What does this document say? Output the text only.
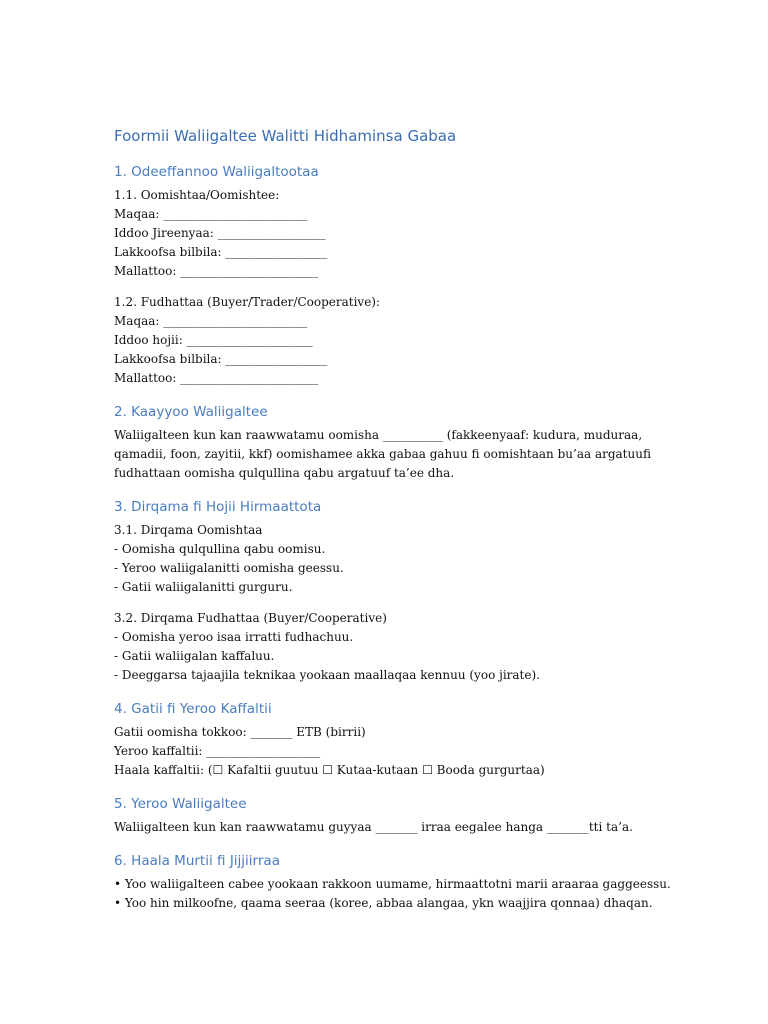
Foormii Waliigaltee Walitti Hidhaminsa Gabaa
1. Odeeffannoo Waliigaltootaa
1.1. Oomishtaa/Oomishtee:
Maqaa: ________________________
Iddoo Jireenyaa: __________________
Lakkoofsa bilbila: _________________
Mallattoo: _______________________
1.2. Fudhattaa (Buyer/Trader/Cooperative):
Maqaa: ________________________
Iddoo hojii: _____________________
Lakkoofsa bilbila: _________________
Mallattoo: _______________________
2. Kaayyoo Waliigaltee
Waliigalteen kun kan raawwatamu oomisha __________ (fakkeenyaaf: kudura, muduraa,
qamadii, foon, zayitii, kkf) oomishamee akka gabaa gahuu fi oomishtaan bu’aa argatuufi
fudhattaan oomisha qulqullina qabu argatuuf ta’ee dha.
3. Dirqama fi Hojii Hirmaattota
3.1. Dirqama Oomishtaa
- Oomisha qulqullina qabu oomisu.
- Yeroo waliigalanitti oomisha geessu.
- Gatii waliigalanitti gurguru.
3.2. Dirqama Fudhattaa (Buyer/Cooperative)
- Oomisha yeroo isaa irratti fudhachuu.
- Gatii waliigalan kaffaluu.
- Deeggarsa tajaajila teknikaa yookaan maallaqaa kennuu (yoo jirate).
4. Gatii fi Yeroo Kaffaltii
Gatii oomisha tokkoo: _______ ETB (birrii)
Yeroo kaffaltii: ___________________
Haala kaffaltii: (☐ Kafaltii guutuu ☐ Kutaa-kutaan ☐ Booda gurgurtaa)
5. Yeroo Waliigaltee
Waliigalteen kun kan raawwatamu guyyaa _______ irraa eegalee hanga _______tti ta’a.
6. Haala Murtii fi Jijjiirraa
• Yoo waliigalteen cabee yookaan rakkoon uumame, hirmaattotni marii araaraa gaggeessu.
• Yoo hin milkoofne, qaama seeraa (koree, abbaa alangaa, ykn waajjira qonnaa) dhaqan.
